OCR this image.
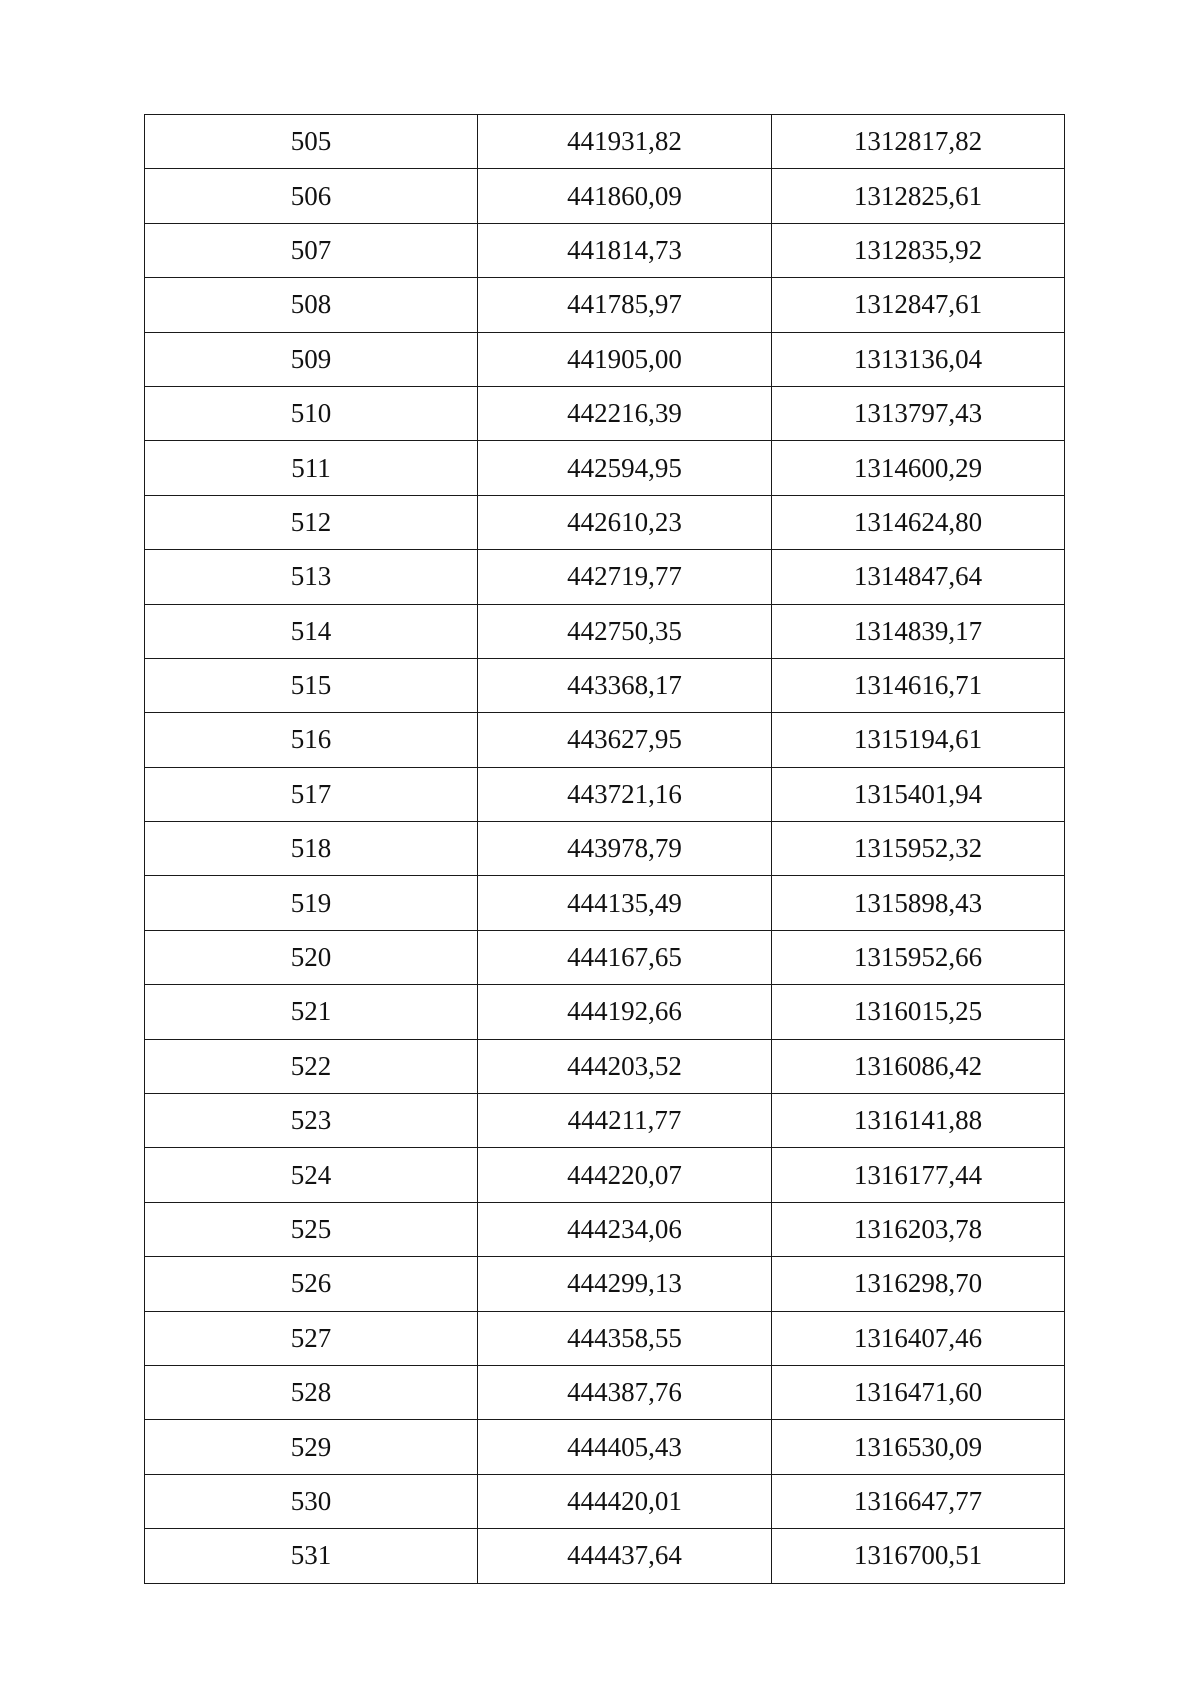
505	441931,82	1312817,82
506	441860,09	1312825,61
507	441814,73	1312835,92
508	441785,97	1312847,61
509	441905,00	1313136,04
510	442216,39	1313797,43
511	442594,95	1314600,29
512	442610,23	1314624,80
513	442719,77	1314847,64
514	442750,35	1314839,17
515	443368,17	1314616,71
516	443627,95	1315194,61
517	443721,16	1315401,94
518	443978,79	1315952,32
519	444135,49	1315898,43
520	444167,65	1315952,66
521	444192,66	1316015,25
522	444203,52	1316086,42
523	444211,77	1316141,88
524	444220,07	1316177,44
525	444234,06	1316203,78
526	444299,13	1316298,70
527	444358,55	1316407,46
528	444387,76	1316471,60
529	444405,43	1316530,09
530	444420,01	1316647,77
531	444437,64	1316700,51
